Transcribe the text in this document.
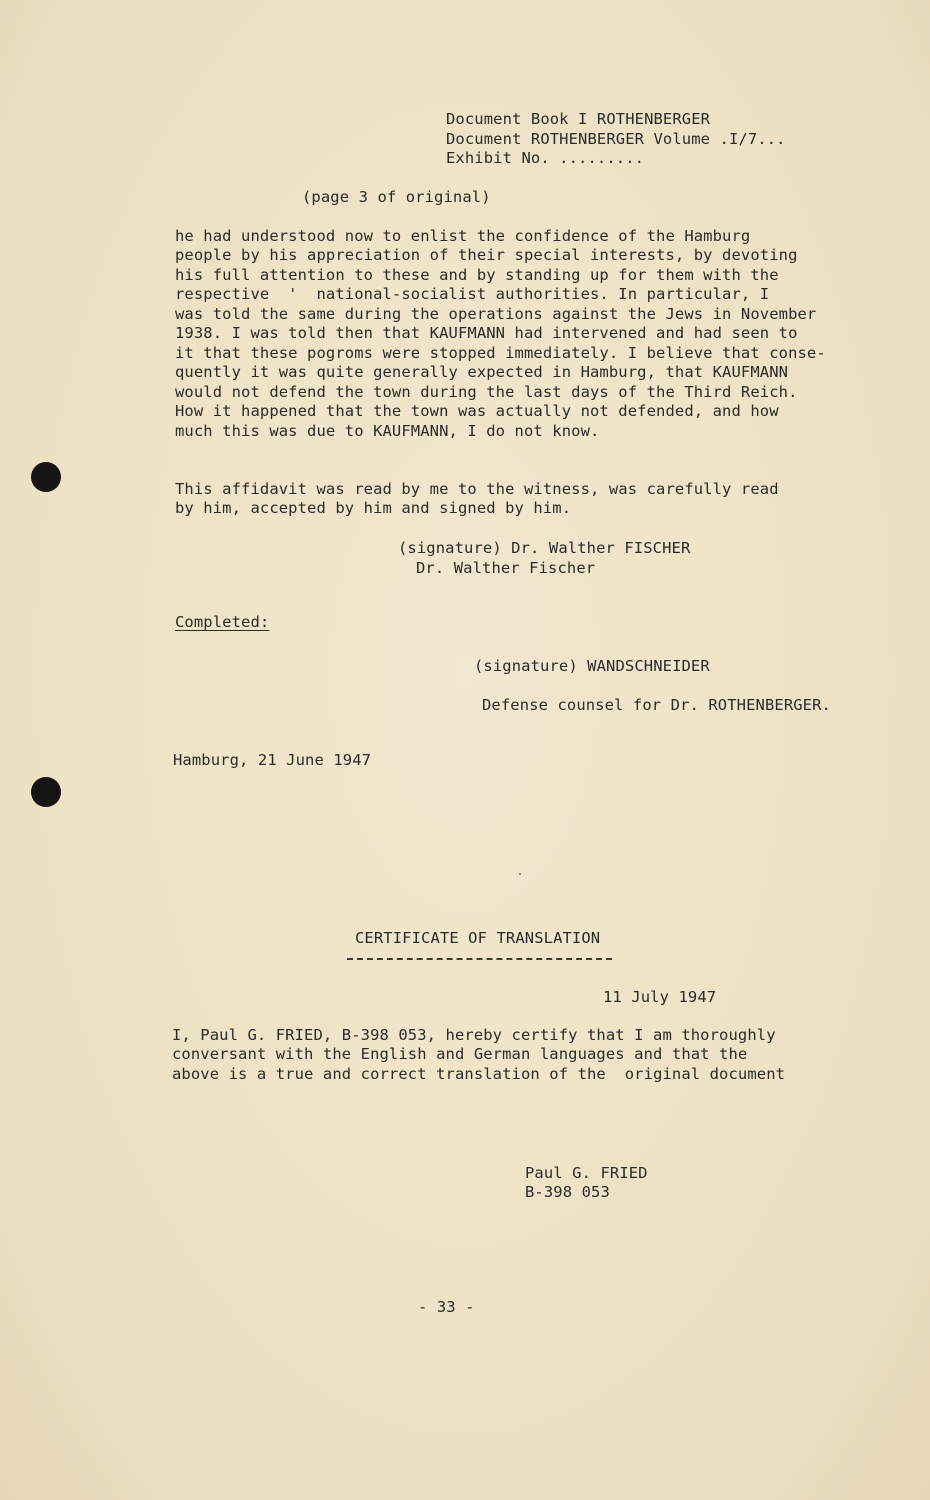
Document Book I ROTHENBERGER
Document ROTHENBERGER Volume .I/7...
Exhibit No. .........
(page 3 of original)
he had understood now to enlist the confidence of the Hamburg
people by his appreciation of their special interests, by devoting
his full attention to these and by standing up for them with the
respective  '  national-socialist authorities. In particular, I
was told the same during the operations against the Jews in November
1938. I was told then that KAUFMANN had intervened and had seen to
it that these pogroms were stopped immediately. I believe that conse-
quently it was quite generally expected in Hamburg, that KAUFMANN
would not defend the town during the last days of the Third Reich.
How it happened that the town was actually not defended, and how
much this was due to KAUFMANN, I do not know.
This affidavit was read by me to the witness, was carefully read
by him, accepted by him and signed by him.
(signature) Dr. Walther FISCHER
Dr. Walther Fischer
Completed:
(signature) WANDSCHNEIDER
Defense counsel for Dr. ROTHENBERGER.
Hamburg, 21 June 1947
CERTIFICATE OF TRANSLATION
11 July 1947
I, Paul G. FRIED, B-398 053, hereby certify that I am thoroughly
conversant with the English and German languages and that the
above is a true and correct translation of the  original document
Paul G. FRIED
B-398 053
- 33 -
